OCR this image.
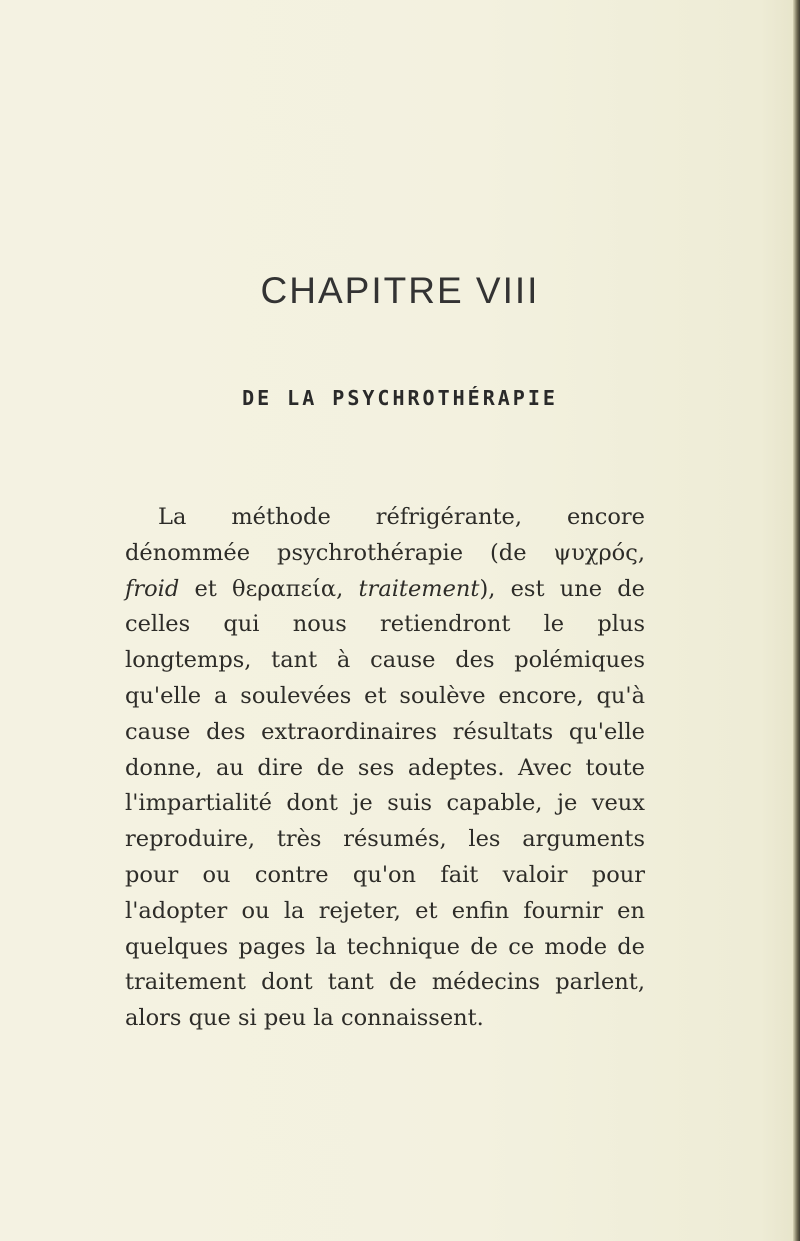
CHAPITRE VIII
DE LA PSYCHROTHÉRAPIE
La méthode réfrigérante, encore dénommée psychrothérapie (de ψυχρός, froid et θεραπεία, traitement), est une de celles qui nous retiendront le plus longtemps, tant à cause des polémiques qu'elle a soulevées et soulève encore, qu'à cause des extraordinaires résultats qu'elle donne, au dire de ses adeptes. Avec toute l'impartialité dont je suis capable, je veux reproduire, très résumés, les arguments pour ou contre qu'on fait valoir pour l'adopter ou la rejeter, et enfin fournir en quelques pages la technique de ce mode de traitement dont tant de médecins parlent, alors que si peu la connaissent.
